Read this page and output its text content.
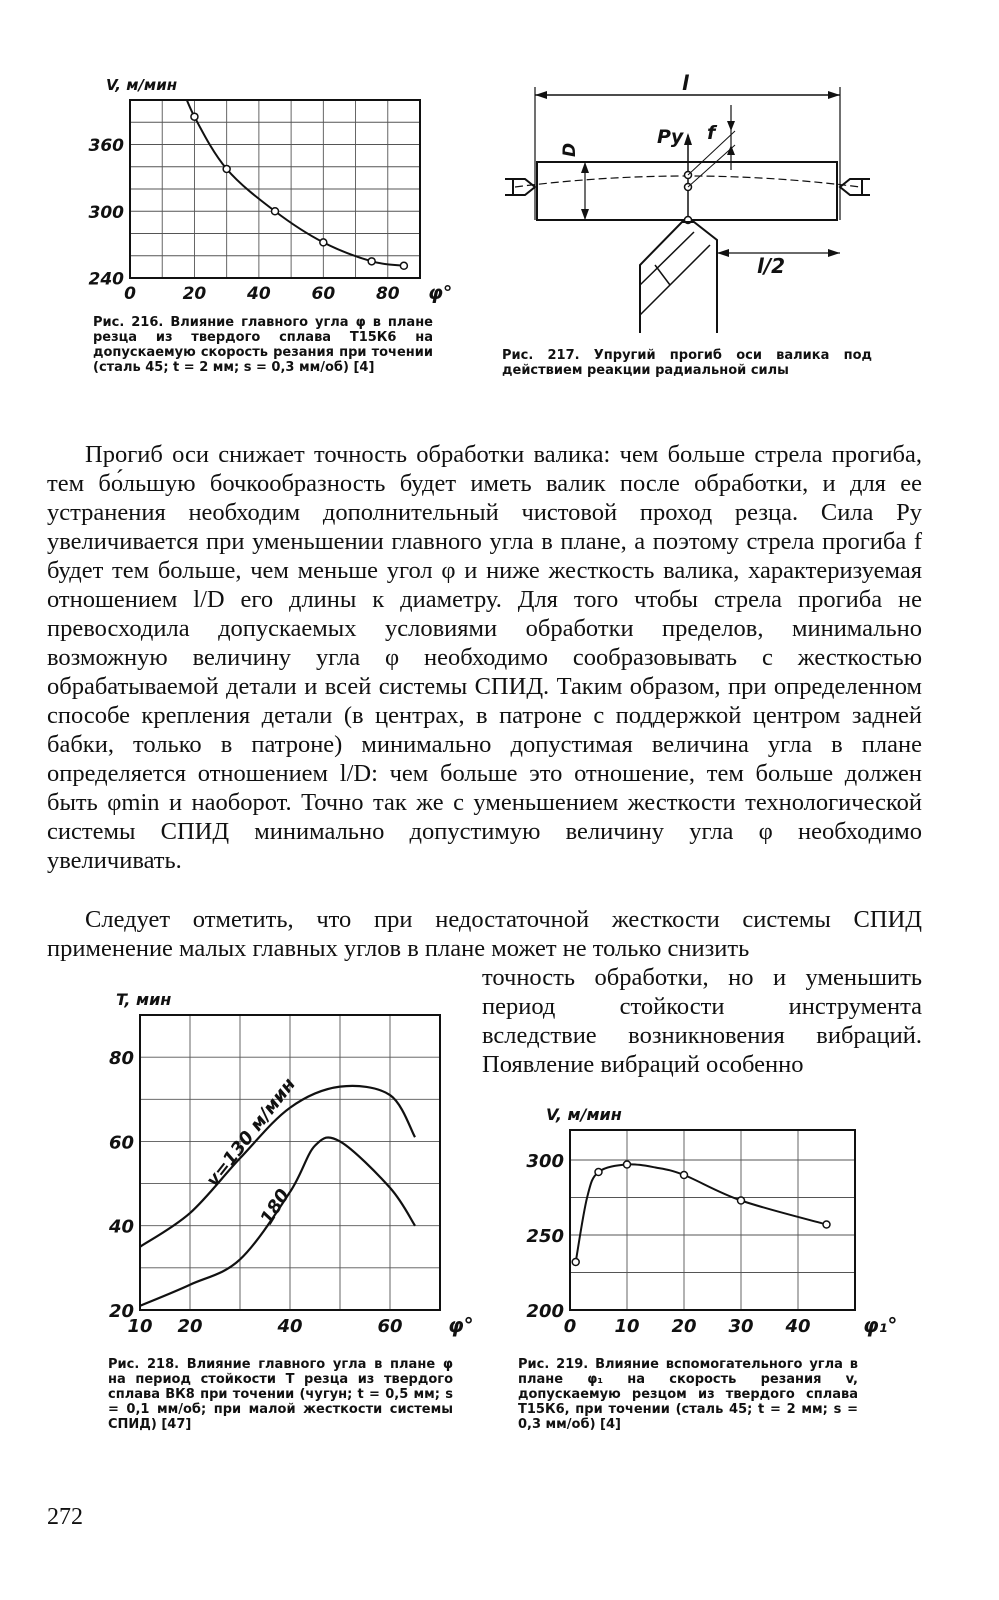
0	20 40 60 80
240
300
360
φ°
V, м/мин
Рис. 216. Влияние главного угла φ в плане резца из твердого сплава Т15К6 на допускаемую скорость резания при точении (сталь 45; t = 2 мм; s = 0,3 мм/об) [4]
l
D
Pу f
l/2
Рис. 217. Упругий прогиб оси валика под действием реакции радиальной силы

Прогиб оси снижает точность обработки валика: чем больше стрела прогиба, тем бо́льшую бочкообразность будет иметь валик после обработки, и для ее устранения необходим дополнительный чистовой проход резца. Сила Py увеличивается при уменьшении главного угла в плане, а поэтому стрела прогиба f будет тем больше, чем меньше угол φ и ниже жесткость валика, характеризуемая отношением l/D его длины к диаметру. Для того чтобы стрела прогиба не превосходила допускаемых условиями обработки пределов, минимально возможную величину угла φ необходимо сообразовывать с жесткостью обрабатываемой детали и всей системы СПИД. Таким образом, при определенном способе крепления детали (в центрах, в патроне с поддержкой центром задней бабки, только в патроне) минимально допустимая величина угла в плане определяется отношением l/D: чем больше это отношение, тем больше должен быть φmin и наоборот. Точно так же с уменьшением жесткости технологической системы СПИД минимально допустимую величину угла φ необходимо увеличивать.

Следует отметить, что при недостаточной жесткости системы СПИД применение малых главных углов в плане может не только снизить

точность обработки, но и уменьшить период стойкости инструмента вследствие возникновения вибраций. Появление вибраций особенно

10 20	40	60
20
40
60
80
φ°
T, мин
v=130 м/мин
180
Рис. 218. Влияние главного угла в плане φ на период стойкости T резца из твердого сплава ВК8 при точении (чугун; t = 0,5 мм; s = 0,1 мм/об; при малой жесткости системы СПИД) [47]
0 10 20 30 40
200
250
300
φ₁°
V, м/мин
Рис. 219. Влияние вспомогательного угла в плане φ₁ на скорость резания v, допускаемую резцом из твердого сплава Т15К6, при точении (сталь 45; t = 2 мм; s = 0,3 мм/об) [4]
272
